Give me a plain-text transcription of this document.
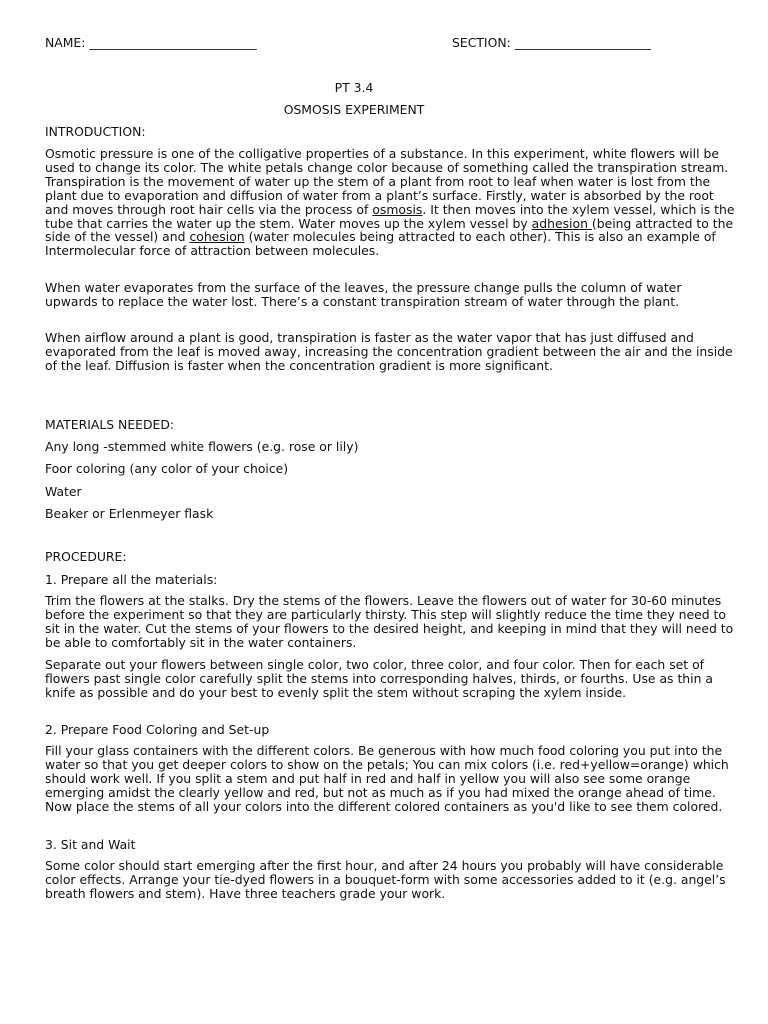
NAME: ___________________________	SECTION: ______________________
PT 3.4
OSMOSIS EXPERIMENT
INTRODUCTION:

Osmotic pressure is one of the colligative properties of a substance. In this experiment, white flowers will be used to change its color. The white petals change color because of something called the transpiration stream. Transpiration is the movement of water up the stem of a plant from root to leaf when water is lost from the plant due to evaporation and diffusion of water from a plant’s surface. Firstly, water is absorbed by the root and moves through root hair cells via the process of osmosis. It then moves into the xylem vessel, which is the tube that carries the water up the stem. Water moves up the xylem vessel by adhesion (being attracted to the side of the vessel) and cohesion (water molecules being attracted to each other). This is also an example of Intermolecular force of attraction between molecules.

When water evaporates from the surface of the leaves, the pressure change pulls the column of water upwards to replace the water lost. There’s a constant transpiration stream of water through the plant.
When airflow around a plant is good, transpiration is faster as the water vapor that has just diffused and evaporated from the leaf is moved away, increasing the concentration gradient between the air and the inside of the leaf. Diffusion is faster when the concentration gradient is more significant.
MATERIALS NEEDED:
Any long -stemmed white flowers (e.g. rose or lily)
Foor coloring (any color of your choice)
Water
Beaker or Erlenmeyer flask
PROCEDURE:
1. Prepare all the materials:
Trim the flowers at the stalks. Dry the stems of the flowers. Leave the flowers out of water for 30-60 minutes before the experiment so that they are particularly thirsty. This step will slightly reduce the time they need to sit in the water. Cut the stems of your flowers to the desired height, and keeping in mind that they will need to be able to comfortably sit in the water containers.
Separate out your flowers between single color, two color, three color, and four color. Then for each set of flowers past single color carefully split the stems into corresponding halves, thirds, or fourths. Use as thin a knife as possible and do your best to evenly split the stem without scraping the xylem inside.
2. Prepare Food Coloring and Set-up
Fill your glass containers with the different colors. Be generous with how much food coloring you put into the water so that you get deeper colors to show on the petals; You can mix colors (i.e. red+yellow=orange) which should work well. If you split a stem and put half in red and half in yellow you will also see some orange emerging amidst the clearly yellow and red, but not as much as if you had mixed the orange ahead of time. Now place the stems of all your colors into the different colored containers as you'd like to see them colored.
3. Sit and Wait
Some color should start emerging after the first hour, and after 24 hours you probably will have considerable color effects. Arrange your tie-dyed flowers in a bouquet-form with some accessories added to it (e.g. angel’s breath flowers and stem). Have three teachers grade your work.
